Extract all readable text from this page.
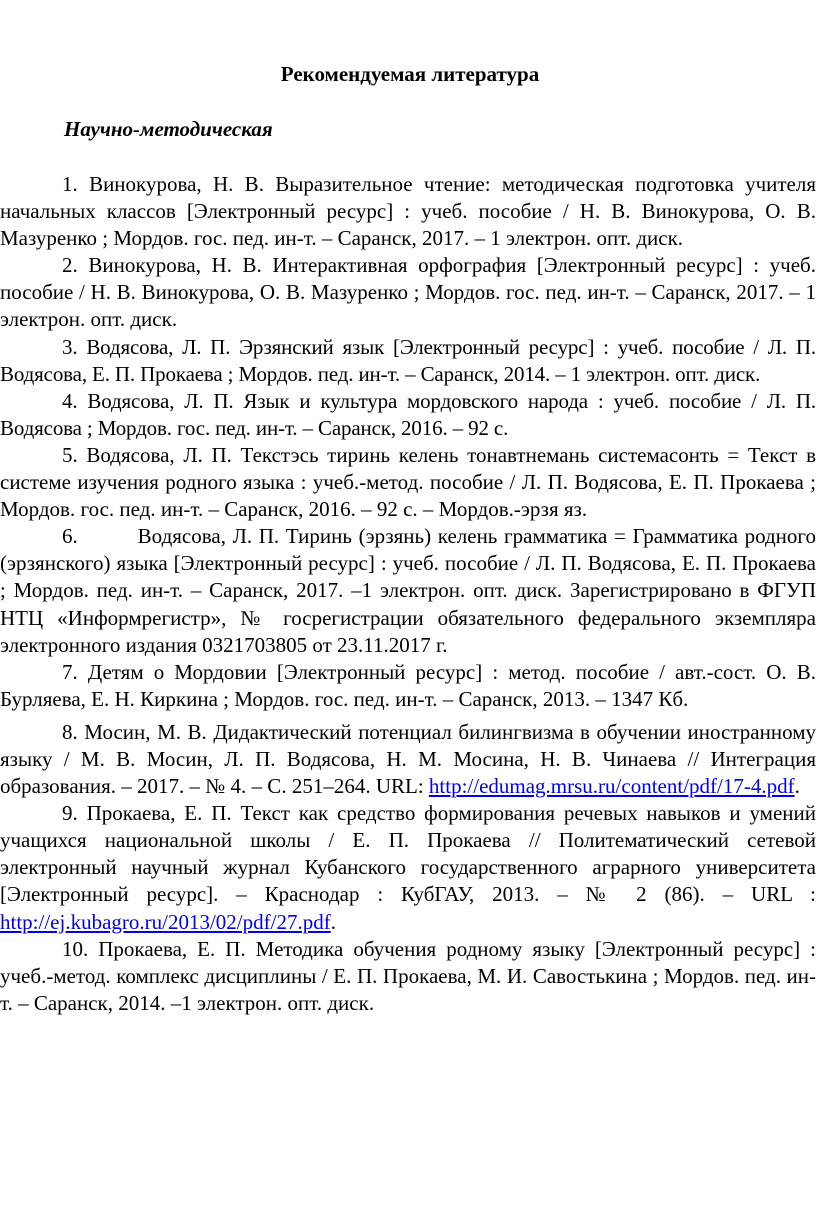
Рекомендуемая литература
Научно-методическая

1. Винокурова, Н. В. Выразительное чтение: методическая подготовка учителя начальных классов [Электронный ресурс] : учеб. пособие / Н. В. Винокурова, О. В. Мазуренко ; Мордов. гос. пед. ин-т. – Саранск, 2017. – 1 электрон. опт. диск.

2. Винокурова, Н. В. Интерактивная орфография [Электронный ресурс] : учеб. пособие / Н. В. Винокурова, О. В. Мазуренко ; Мордов. гос. пед. ин-т. – Саранск, 2017. – 1 электрон. опт. диск.

3. Водясова, Л. П. Эрзянский язык [Электронный ресурс] : учеб. пособие / Л. П. Водясова, Е. П. Прокаева ; Мордов. пед. ин-т. – Саранск, 2014. – 1 электрон. опт. диск.

4. Водясова, Л. П. Язык и культура мордовского народа : учеб. пособие / Л. П. Водясова ; Мордов. гос. пед. ин-т. – Саранск, 2016. – 92 с.

5. Водясова, Л. П. Текстэсь тиринь келень тонавтнемань системасонть = Текст в системе изучения родного языка : учеб.-метод. пособие / Л. П. Водясова, Е. П. Прокаева ; Мордов. гос. пед. ин-т. – Саранск, 2016. – 92 с. – Мордов.-эрзя яз.

6.	Водясова, Л. П. Тиринь (эрзянь) келень грамматика = Грамматика родного (эрзянского) языка [Электронный ресурс] : учеб. пособие / Л. П. Водясова, Е. П. Прокаева ; Мордов. пед. ин-т. – Саранск, 2017. –1 электрон. опт. диск. Зарегистрировано в ФГУП НТЦ «Информрегистр», № госрегистрации обязательного федерального экземпляра электронного издания 0321703805 от 23.11.2017 г.

7. Детям о Мордовии [Электронный ресурс] : метод. пособие / авт.-сост. О. В. Бурляева, Е. Н. Киркина ; Мордов. гос. пед. ин-т. – Саранск, 2013. – 1347 Кб.

8. Мосин, М. В. Дидактический потенциал билингвизма в обучении иностранному языку / М. В. Мосин, Л. П. Водясова, Н. М. Мосина, Н. В. Чинаева // Интеграция образования. – 2017. – № 4. – С. 251–264. URL: http://edumag.mrsu.ru/content/pdf/17-4.pdf.

9. Прокаева, Е. П. Текст как средство формирования речевых навыков и умений учащихся национальной школы / Е. П. Прокаева // Политематический сетевой электронный научный журнал Кубанского государственного аграрного университета [Электронный ресурс]. – Краснодар : КубГАУ, 2013. – № 2 (86). – URL : http://ej.kubagro.ru/2013/02/pdf/27.pdf.

10. Прокаева, Е. П. Методика обучения родному языку [Электронный ресурс] : учеб.-метод. комплекс дисциплины / Е. П. Прокаева, М. И. Савостькина ; Мордов. пед. ин-т. – Саранск, 2014. –1 электрон. опт. диск.
